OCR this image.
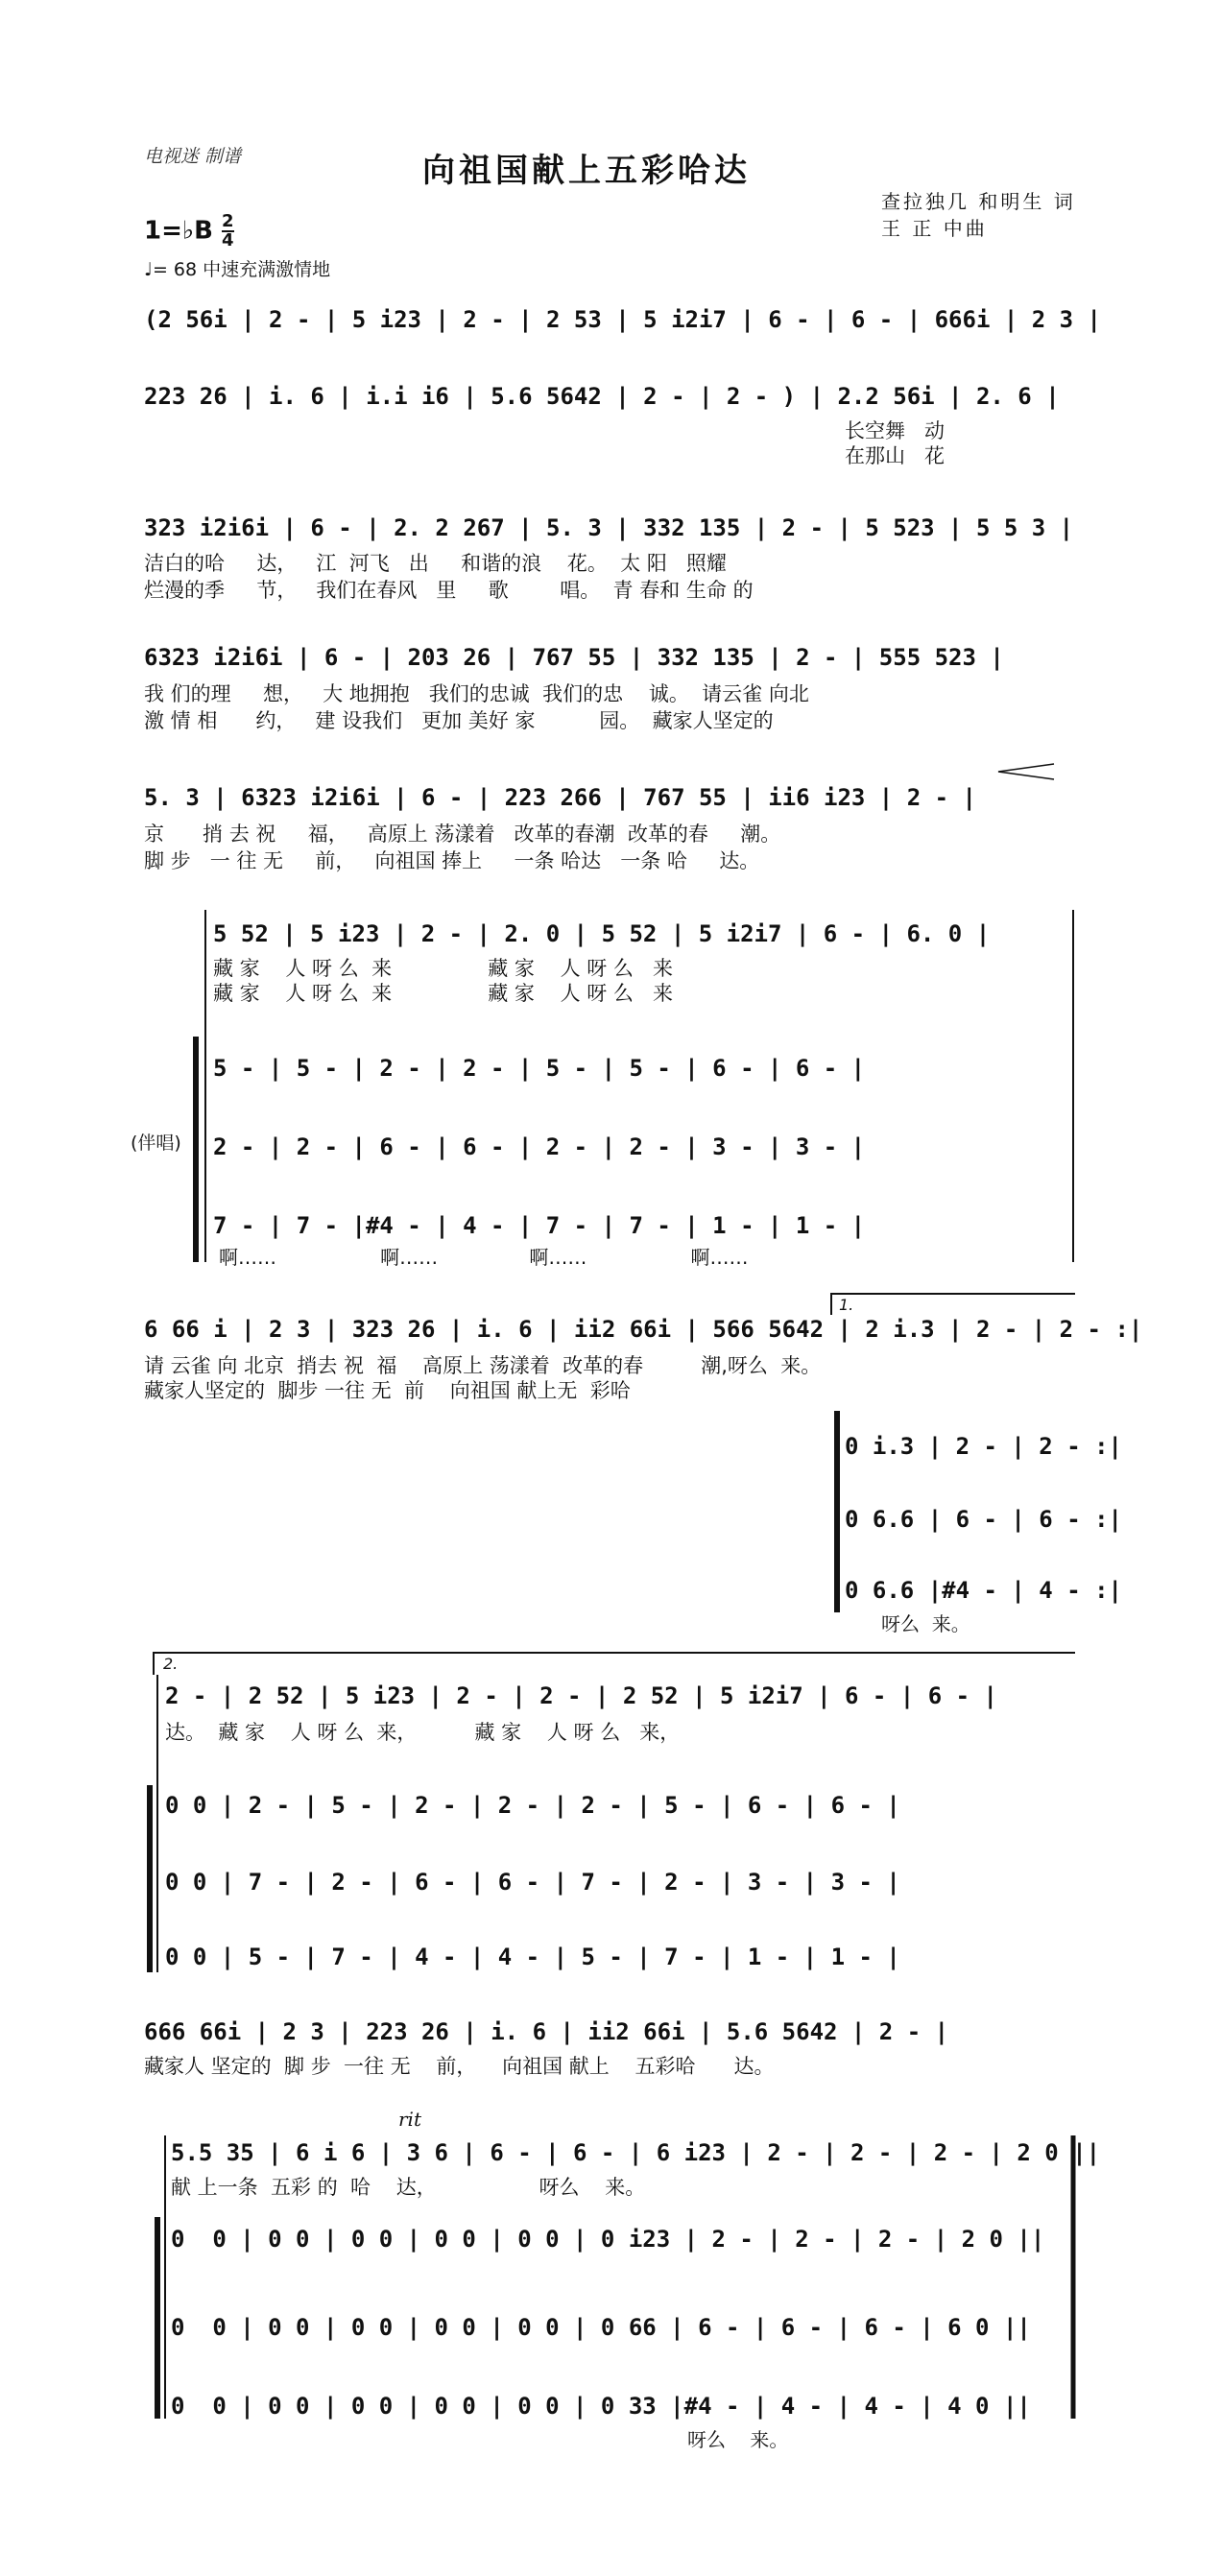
电视迷 制谱	向祖国献上五彩哈达
查拉独几 和明生 词
王 正 中曲
1=♭B $\frac{2}{4}$
♩= 68 中速充满激情地
(2 56i | 2 - | 5 i23 | 2 - | 2 53 | 5 i2i7 | 6 - | 6 - | 666i | 2 3 |
223 26 | i. 6 | i.i i6 | 5.6 5642 | 2 - | 2 - ) | 2.2 56i | 2. 6 |
长空舞   动
在那山   花
323 i2i6i | 6 - | 2. 2 267 | 5. 3 | 332 135 | 2 - | 5 523 | 5 5 3 |
洁白的哈     达，   江  河飞   出     和谐的浪    花。  太 阳   照耀
烂漫的季     节，   我们在春风   里     歌        唱。  青 春和 生命 的
6323 i2i6i | 6 - | 203 26 | 767 55 | 332 135 | 2 - | 555 523 |
我 们的理     想，   大 地拥抱   我们的忠诚  我们的忠    诚。  请云雀 向北
激 情 相      约，   建 设我们   更加 美好 家          园。  藏家人坚定的
5. 3 | 6323 i2i6i | 6 - | 223 266 | 767 55 | ii6 i23 | 2 - |
京      捎 去 祝     福，   高原上 荡漾着   改革的春潮  改革的春     潮。
脚 步   一 往 无     前，   向祖国 捧上     一条 哈达   一条 哈     达。
5 52 | 5 i23 | 2 - | 2. 0 | 5 52 | 5 i2i7 | 6 - | 6. 0 |
藏 家    人 呀 么  来               藏 家    人 呀 么   来
藏 家    人 呀 么  来               藏 家    人 呀 么   来
(伴唱)
5 - | 5 - | 2 - | 2 - | 5 - | 5 - | 6 - | 6 - |
2 - | 2 - | 6 - | 6 - | 2 - | 2 - | 3 - | 3 - |
7 - | 7 - |#4 - | 4 - | 7 - | 7 - | 1 - | 1 - |
啊……                 啊……               啊……                 啊……
1.
6 66 i | 2 3 | 323 26 | i. 6 | ii2 66i | 566 5642 | 2 i.3 | 2 - | 2 - :|
请 云雀 向 北京  捎去 祝  福    高原上 荡漾着  改革的春         潮,呀么  来。
藏家人坚定的  脚步 一往 无  前    向祖国 献上无  彩哈
0 i.3 | 2 - | 2 - :|
0 6.6 | 6 - | 6 - :|
0 6.6 |#4 - | 4 - :|
呀么  来。
2.
2 - | 2 52 | 5 i23 | 2 - | 2 - | 2 52 | 5 i2i7 | 6 - | 6 - |
达。  藏 家    人 呀 么  来，         藏 家    人 呀 么   来，
0 0 | 2 - | 5 - | 2 - | 2 - | 2 - | 5 - | 6 - | 6 - |
0 0 | 7 - | 2 - | 6 - | 6 - | 7 - | 2 - | 3 - | 3 - |
0 0 | 5 - | 7 - | 4 - | 4 - | 5 - | 7 - | 1 - | 1 - |
666 66i | 2 3 | 223 26 | i. 6 | ii2 66i | 5.6 5642 | 2 - |
藏家人 坚定的  脚 步  一往 无    前，    向祖国 献上    五彩哈      达。
rit
5.5 35 | 6 i 6 | 3 6 | 6 - | 6 - | 6 i23 | 2 - | 2 - | 2 - | 2 0 ||
献 上一条  五彩 的  哈    达，                呀么    来。
0  0 | 0 0 | 0 0 | 0 0 | 0 0 | 0 i23 | 2 - | 2 - | 2 - | 2 0 ||
0  0 | 0 0 | 0 0 | 0 0 | 0 0 | 0 66 | 6 - | 6 - | 6 - | 6 0 ||
0  0 | 0 0 | 0 0 | 0 0 | 0 0 | 0 33 |#4 - | 4 - | 4 - | 4 0 ||
呀么    来。
